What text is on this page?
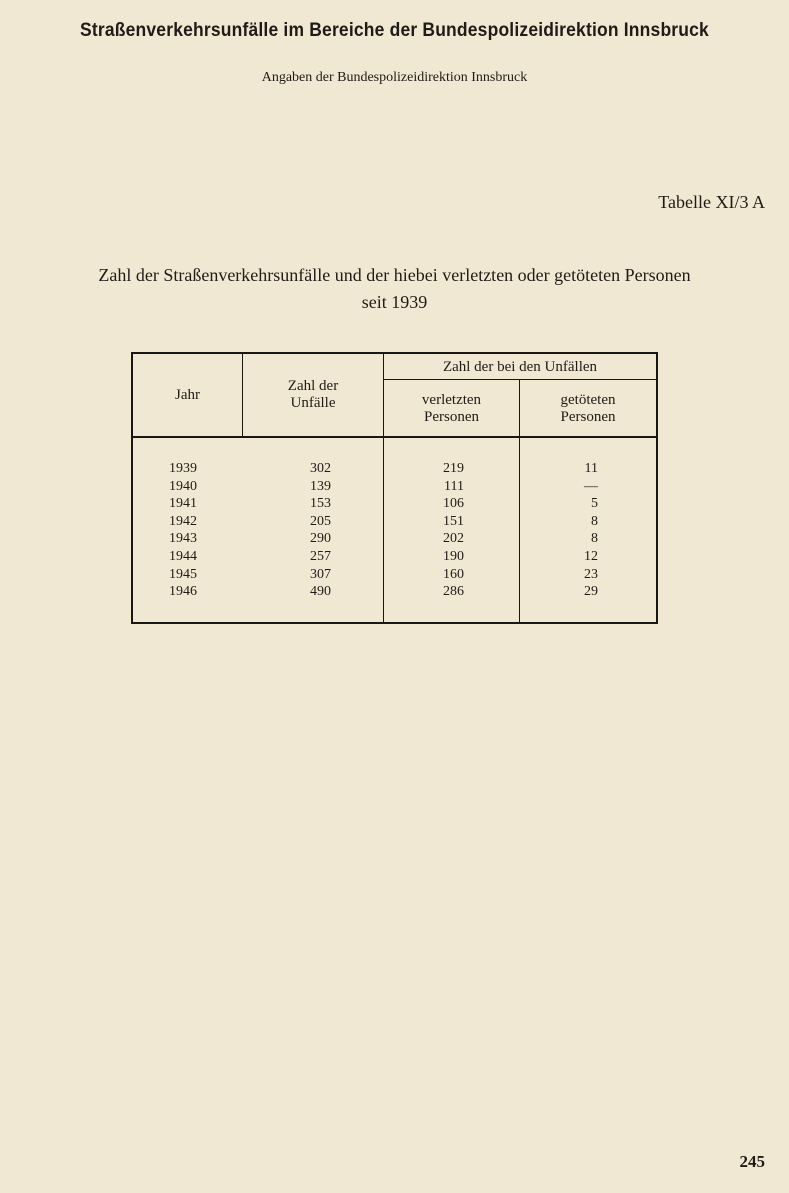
Straßenverkehrsunfälle im Bereiche der Bundespolizeidirektion Innsbruck
Angaben der Bundespolizeidirektion Innsbruck
Tabelle XI/3 A
Zahl der Straßenverkehrsunfälle und der hiebei verletzten oder getöteten Personen
seit 1939
Jahr
Zahl der
Unfälle
Zahl der bei den Unfällen
verletzten
Personen
getöteten
Personen
1939
1940
1941
1942
1943
1944
1945
1946
302
139
153
205
290
257
307
490
219
111
106
151
202
190
160
286
11
—
5
8
8
12
23
29
245
